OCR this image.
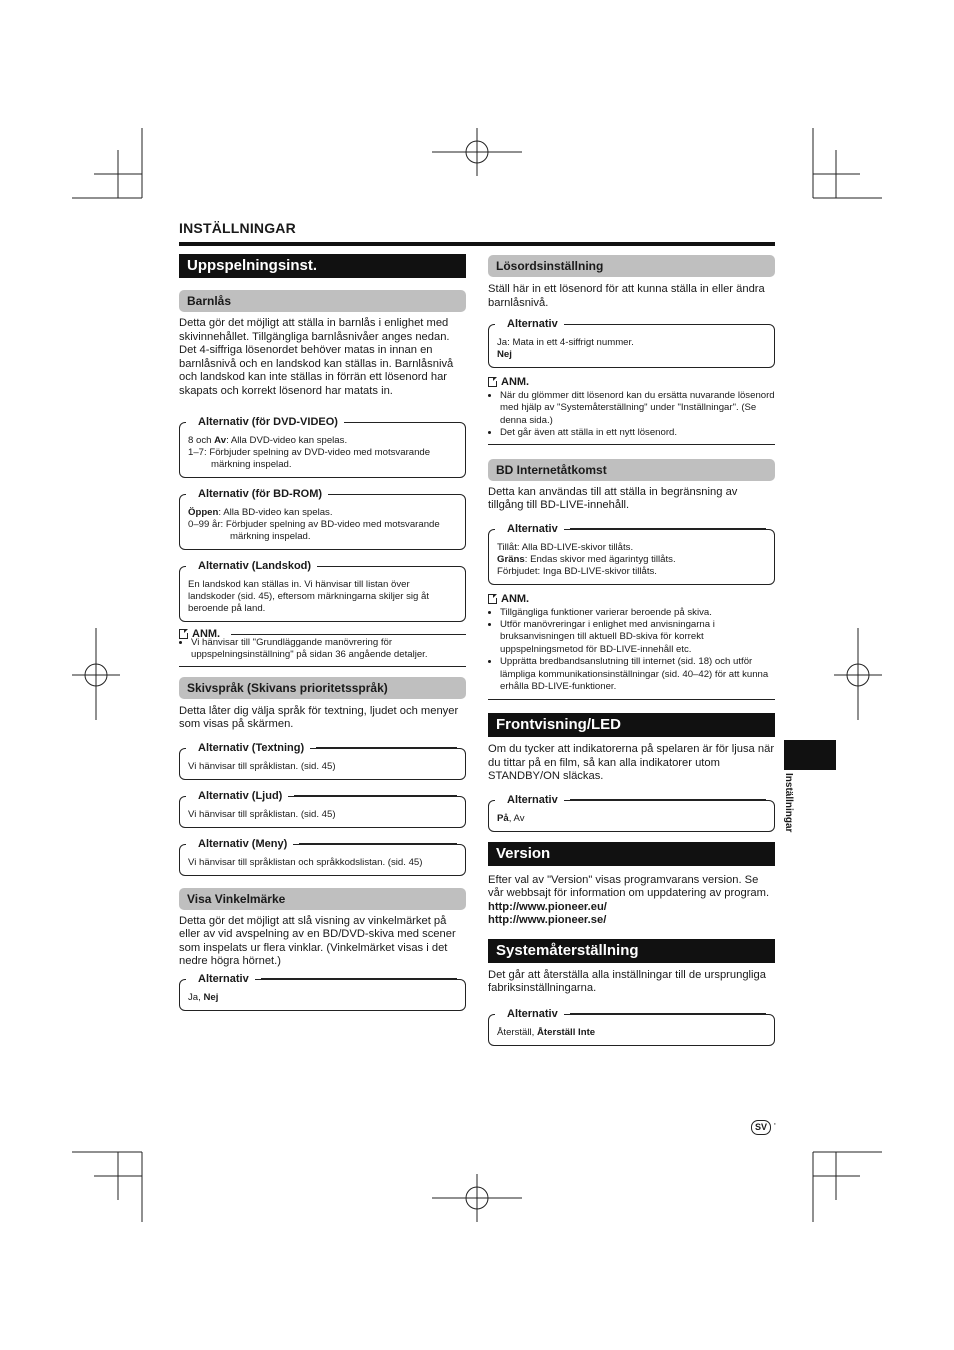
INSTÄLLNINGAR
Uppspelningsinst.
Barnlås

Detta gör det möjligt att ställa in barnlås i enlighet med skivinnehållet. Tillgängliga barnlåsnivåer anges nedan. Det 4-siffriga lösenordet behöver matas in innan en barnlåsnivå och en landskod kan ställas in. Barnlåsnivå och landskod kan inte ställas in förrän ett lösenord har skapats och korrekt lösenord har matats in.

Alternativ (för DVD-VIDEO)
8 och Av: Alla DVD-video kan spelas.
1–7: Förbjuder spelning av DVD-video med motsvarande märkning inspelad.
Alternativ (för BD-ROM)
Öppen: Alla BD-video kan spelas.
0–99 år: Förbjuder spelning av BD-video med motsvarande märkning inspelad.
Alternativ (Landskod)
En landskod kan ställas in. Vi hänvisar till listan över landskoder (sid. 45), eftersom märkningarna skiljer sig åt beroende på land.
ANM.
• Vi hänvisar till "Grundläggande manövrering för uppspelningsinställning" på sidan 36 angående detaljer.
Skivspråk (Skivans prioritetsspråk)

Detta låter dig välja språk för textning, ljudet och menyer som visas på skärmen.

Alternativ (Textning)
Vi hänvisar till språklistan. (sid. 45)
Alternativ (Ljud)
Vi hänvisar till språklistan. (sid. 45)
Alternativ (Meny)
Vi hänvisar till språklistan och språkkodslistan. (sid. 45)
Visa Vinkelmärke

Detta gör det möjligt att slå visning av vinkelmärket på eller av vid avspelning av en BD/DVD-skiva med scener som inspelats ur flera vinklar. (Vinkelmärket visas i det nedre högra hörnet.)

Alternativ
Ja, Nej
Lösordsinställning

Ställ här in ett lösenord för att kunna ställa in eller ändra barnlåsnivå.

Alternativ
Ja: Mata in ett 4-siffrigt nummer.
Nej
ANM.
• När du glömmer ditt lösenord kan du ersätta nuvarande lösenord med hjälp av "Systemåterställning" under "Inställningar". (Se denna sida.)
• Det går även att ställa in ett nytt lösenord.
BD Internetåtkomst

Detta kan användas till att ställa in begränsning av tillgång till BD-LIVE-innehåll.

Alternativ
Tillåt: Alla BD-LIVE-skivor tillåts.
Gräns: Endas skivor med ägarintyg tillåts.
Förbjudet: Inga BD-LIVE-skivor tillåts.
ANM.
• Tillgängliga funktioner varierar beroende på skiva.
• Utför manövreringar i enlighet med anvisningarna i bruksanvisningen till aktuell BD-skiva för korrekt uppspelningsmetod för BD-LIVE-innehåll etc.
• Upprätta bredbandsanslutning till internet (sid. 18) och utför lämpliga kommunikationsinställningar (sid. 40–42) för att kunna erhålla BD-LIVE-funktioner.
Frontvisning/LED

Om du tycker att indikatorerna på spelaren är för ljusa när du tittar på en film, så kan alla indikatorer utom STANDBY/ON släckas.

Alternativ
På, Av
Version

Efter val av "Version" visas programvarans version. Se vår webbsajt för information om uppdatering av program.

http://www.pioneer.eu/

http://www.pioneer.se/

Systemåterställning

Det går att återställa alla inställningar till de ursprungliga fabriksinställningarna.

Alternativ
Återställ, Återställ Inte
Inställningar
SV ·
